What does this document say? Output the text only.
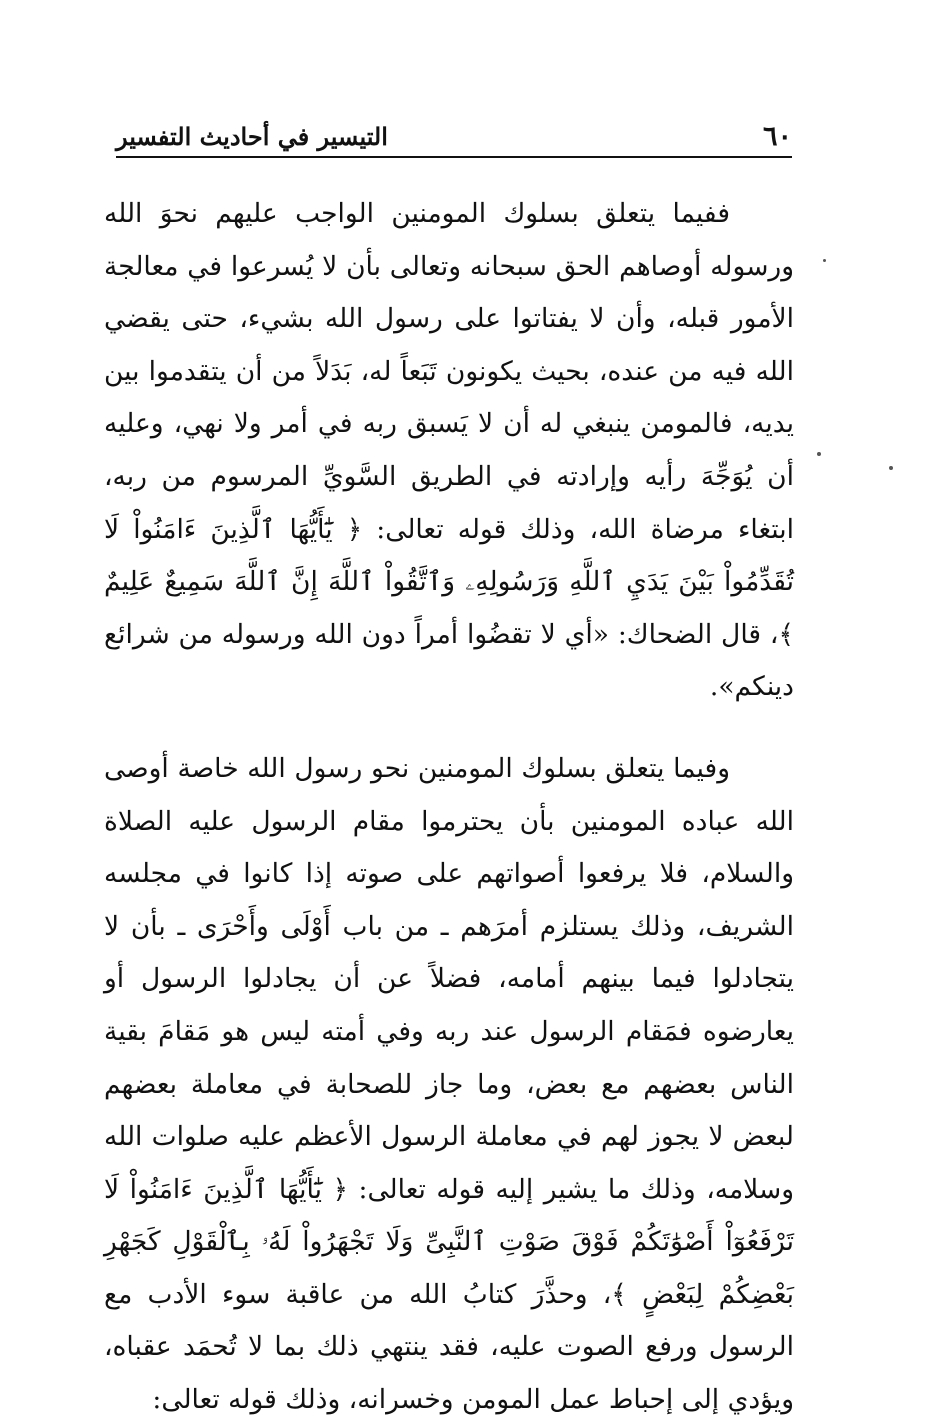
٦٠
التيسير في أحاديث التفسير

ففيما يتعلق بسلوك المومنين الواجب عليهم نحوَ الله ورسوله أوصاهم الحق سبحانه وتعالى بأن لا يُسرعوا في معالجة الأمور قبله، وأن لا يفتاتوا على رسول الله بشيء، حتى يقضي الله فيه من عنده، بحيث يكونون تَبَعاً له، بَدَلاً من أن يتقدموا بين يديه، فالمومن ينبغي له أن لا يَسبق ربه في أمر ولا نهي، وعليه أن يُوَجِّهَ رأيه وإرادته في الطريق السَّويِّ المرسوم من ربه، ابتغاء مرضاة الله، وذلك قوله تعالى: ﴿ يَٰٓأَيُّهَا ٱلَّذِينَ ءَامَنُواْ لَا تُقَدِّمُواْ بَيْنَ يَدَيِ ٱللَّهِ وَرَسُولِهِۦ وَٱتَّقُواْ ٱللَّهَ إِنَّ ٱللَّهَ سَمِيعٌ عَلِيمٌ ﴾، قال الضحاك: «أي لا تقضُوا أمراً دون الله ورسوله من شرائع دينكم».

وفيما يتعلق بسلوك المومنين نحو رسول الله خاصة أوصى الله عباده المومنين بأن يحترموا مقام الرسول عليه الصلاة والسلام، فلا يرفعوا أصواتهم على صوته إذا كانوا في مجلسه الشريف، وذلك يستلزم أمرَهم ـ من باب أَوْلَى وأَحْرَى ـ بأن لا يتجادلوا فيما بينهم أمامه، فضلاً عن أن يجادلوا الرسول أو يعارضوه فمَقام الرسول عند ربه وفي أمته ليس هو مَقامَ بقية الناس بعضهم مع بعض، وما جاز للصحابة في معاملة بعضهم لبعض لا يجوز لهم في معاملة الرسول الأعظم عليه صلوات الله وسلامه، وذلك ما يشير إليه قوله تعالى: ﴿ يَٰٓأَيُّهَا ٱلَّذِينَ ءَامَنُواْ لَا تَرْفَعُوٓاْ أَصْوَٰتَكُمْ فَوْقَ صَوْتِ ٱلنَّبِىِّ وَلَا تَجْهَرُواْ لَهُۥ بِٱلْقَوْلِ كَجَهْرِ بَعْضِكُمْ لِبَعْضٍ ﴾، وحذَّرَ كتابُ الله من عاقبة سوء الأدب مع الرسول ورفع الصوت عليه، فقد ينتهي ذلك بما لا تُحمَد عقباه، ويؤدي إلى إحباط عمل المومن وخسرانه، وذلك قوله تعالى:
